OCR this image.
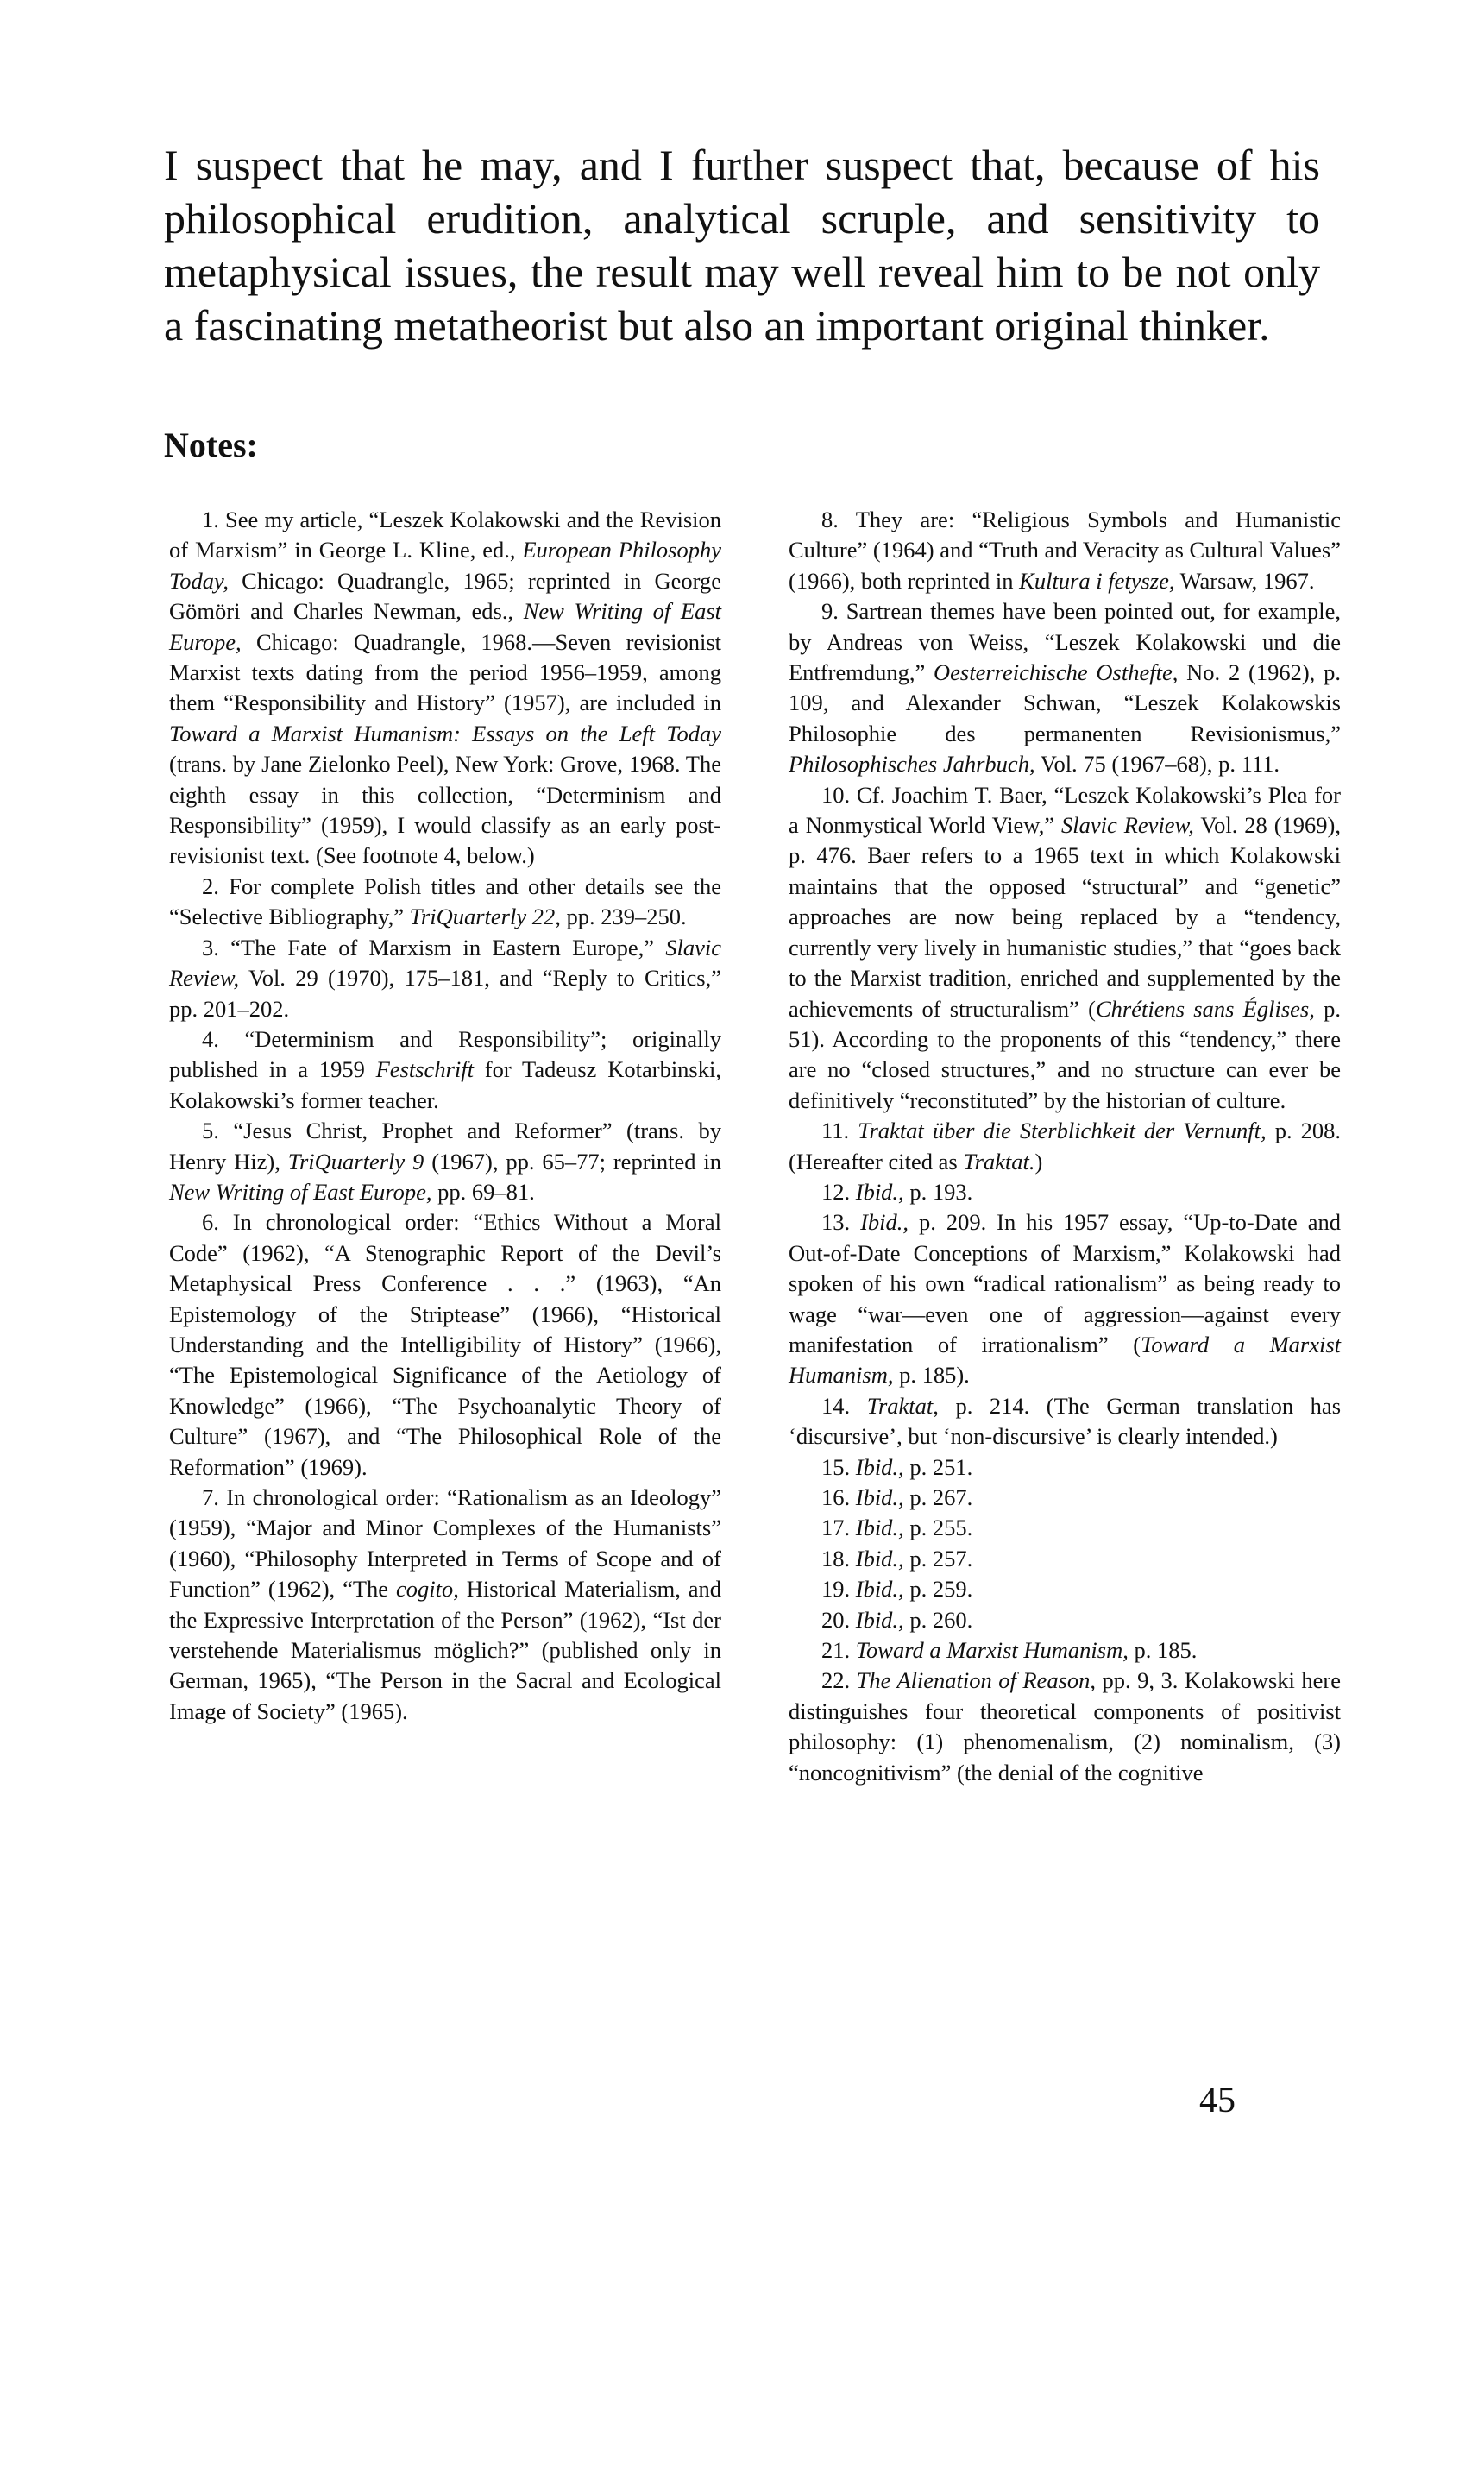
I suspect that he may, and I further suspect that, because of his philosophical erudition, analytical scruple, and sensitivity to metaphysical issues, the result may well reveal him to be not only a fascinating metatheorist but also an important original thinker.

Notes:

1. See my article, “Leszek Kolakowski and the Revision of Marxism” in George L. Kline, ed., European Philosophy Today, Chicago: Quadrangle, 1965; reprinted in George Gömöri and Charles Newman, eds., New Writing of East Europe, Chicago: Quadrangle, 1968.—Seven revisionist Marxist texts dating from the period 1956–1959, among them “Responsibility and History” (1957), are included in Toward a Marxist Humanism: Essays on the Left Today (trans. by Jane Zielonko Peel), New York: Grove, 1968. The eighth essay in this collection, “Determinism and Responsibility” (1959), I would classify as an early post-revisionist text. (See footnote 4, below.)

2. For complete Polish titles and other details see the “Selective Bibliography,” TriQuarterly 22, pp. 239–250.

3. “The Fate of Marxism in Eastern Europe,” Slavic Review, Vol. 29 (1970), 175–181, and “Reply to Critics,” pp. 201–202.

4. “Determinism and Responsibility”; originally published in a 1959 Festschrift for Tadeusz Kotarbinski, Kolakowski’s former teacher.

5. “Jesus Christ, Prophet and Reformer” (trans. by Henry Hiz), TriQuarterly 9 (1967), pp. 65–77; reprinted in New Writing of East Europe, pp. 69–81.

6. In chronological order: “Ethics Without a Moral Code” (1962), “A Stenographic Report of the Devil’s Metaphysical Press Conference . . .” (1963), “An Epistemology of the Striptease” (1966), “Historical Understanding and the Intelligibility of History” (1966), “The Epistemological Significance of the Aetiology of Knowledge” (1966), “The Psychoanalytic Theory of Culture” (1967), and “The Philosophical Role of the Reformation” (1969).

7. In chronological order: “Rationalism as an Ideology” (1959), “Major and Minor Complexes of the Humanists” (1960), “Philosophy Interpreted in Terms of Scope and of Function” (1962), “The cogito, Historical Materialism, and the Expressive Interpretation of the Person” (1962), “Ist der verstehende Materialismus möglich?” (published only in German, 1965), “The Person in the Sacral and Ecological Image of Society” (1965).

8. They are: “Religious Symbols and Humanistic Culture” (1964) and “Truth and Veracity as Cultural Values” (1966), both reprinted in Kultura i fetysze, Warsaw, 1967.

9. Sartrean themes have been pointed out, for example, by Andreas von Weiss, “Leszek Kolakowski und die Entfremdung,” Oesterreichische Osthefte, No. 2 (1962), p. 109, and Alexander Schwan, “Leszek Kolakowskis Philosophie des permanenten Revisionismus,” Philosophisches Jahrbuch, Vol. 75 (1967–68), p. 111.

10. Cf. Joachim T. Baer, “Leszek Kolakowski’s Plea for a Nonmystical World View,” Slavic Review, Vol. 28 (1969), p. 476. Baer refers to a 1965 text in which Kolakowski maintains that the opposed “structural” and “genetic” approaches are now being replaced by a “tendency, currently very lively in humanistic studies,” that “goes back to the Marxist tradition, enriched and supplemented by the achievements of structuralism” (Chrétiens sans Églises, p. 51). According to the proponents of this “tendency,” there are no “closed structures,” and no structure can ever be definitively “reconstituted” by the historian of culture.

11. Traktat über die Sterblichkeit der Vernunft, p. 208. (Hereafter cited as Traktat.)

12. Ibid., p. 193.

13. Ibid., p. 209. In his 1957 essay, “Up-to-Date and Out-of-Date Conceptions of Marxism,” Kolakowski had spoken of his own “radical rationalism” as being ready to wage “war—even one of aggression—against every manifestation of irrationalism” (Toward a Marxist Humanism, p. 185).

14. Traktat, p. 214. (The German translation has ‘discursive’, but ‘non-discursive’ is clearly intended.)

15. Ibid., p. 251.

16. Ibid., p. 267.

17. Ibid., p. 255.

18. Ibid., p. 257.

19. Ibid., p. 259.

20. Ibid., p. 260.

21. Toward a Marxist Humanism, p. 185.

22. The Alienation of Reason, pp. 9, 3. Kolakowski here distinguishes four theoretical components of positivist philosophy: (1) phenomenalism, (2) nominalism, (3) “noncognitivism” (the denial of the cognitive

45
